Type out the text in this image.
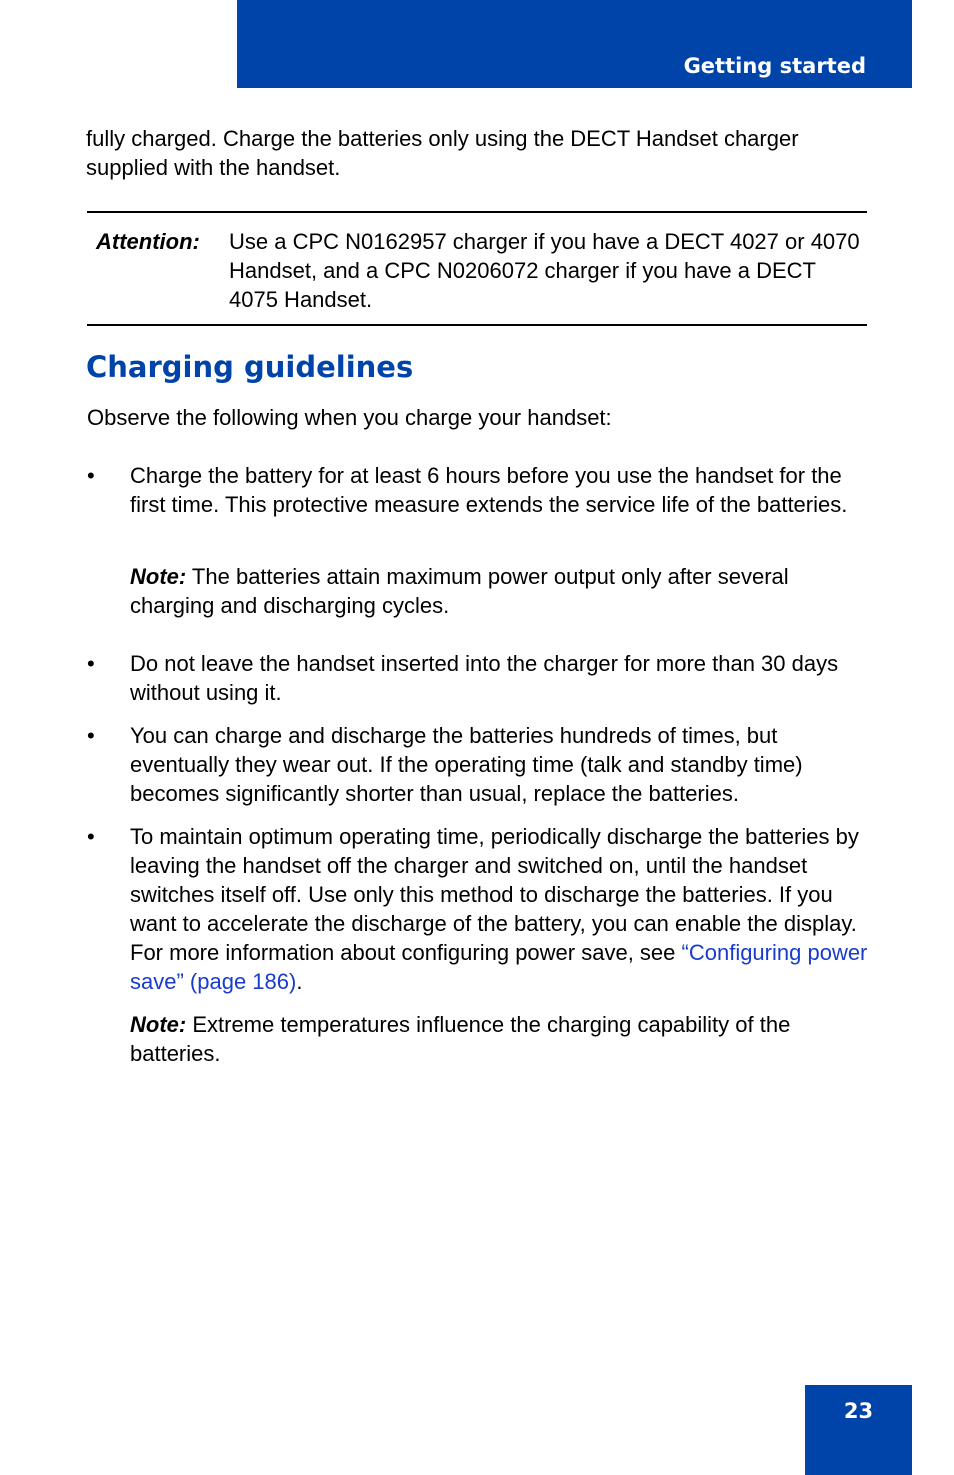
Getting started

fully charged. Charge the batteries only using the DECT Handset charger supplied with the handset.

Attention: Use a CPC N0162957 charger if you have a DECT 4027 or 4070 Handset, and a CPC N0206072 charger if you have a DECT 4075 Handset.
Charging guidelines

Observe the following when you charge your handset:

• Charge the battery for at least 6 hours before you use the handset for the first time. This protective measure extends the service life of the batteries.
Note: The batteries attain maximum power output only after several charging and discharging cycles.
• Do not leave the handset inserted into the charger for more than 30 days without using it.
• You can charge and discharge the batteries hundreds of times, but eventually they wear out. If the operating time (talk and standby time) becomes significantly shorter than usual, replace the batteries.
• To maintain optimum operating time, periodically discharge the batteries by leaving the handset off the charger and switched on, until the handset switches itself off. Use only this method to discharge the batteries. If you want to accelerate the discharge of the battery, you can enable the display. For more information about configuring power save, see “Configuring power save” (page 186).
Note: Extreme temperatures influence the charging capability of the batteries.
23
